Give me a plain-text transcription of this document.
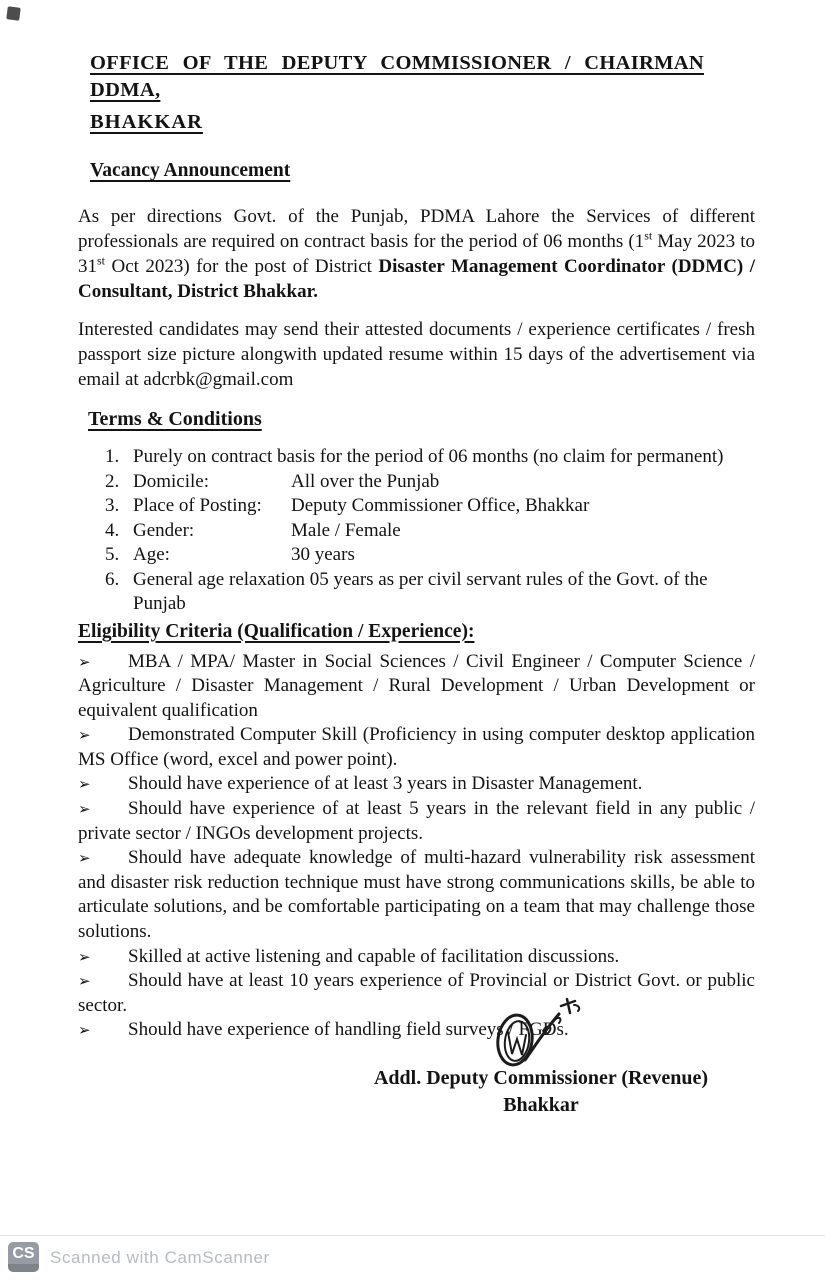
OFFICE OF THE DEPUTY COMMISSIONER / CHAIRMAN DDMA,
BHAKKAR
Vacancy Announcement

As per directions Govt. of the Punjab, PDMA Lahore the Services of different professionals are required on contract basis for the period of 06 months (1st May 2023 to 31st Oct 2023) for the post of District Disaster Management Coordinator (DDMC) / Consultant, District Bhakkar.

Interested candidates may send their attested documents / experience certificates / fresh passport size picture alongwith updated resume within 15 days of the advertisement via email at adcrbk@gmail.com

Terms & Conditions
1. Purely on contract basis for the period of 06 months (no claim for permanent)
2. Domicile:	All over the Punjab
3. Place of Posting:	Deputy Commissioner Office, Bhakkar
4. Gender:	Male / Female
5. Age:	30 years
6. General age relaxation 05 years as per civil servant rules of the Govt. of the Punjab
Eligibility Criteria (Qualification / Experience):

➢ MBA / MPA/ Master in Social Sciences / Civil Engineer / Computer Science / Agriculture / Disaster Management / Rural Development / Urban Development or equivalent qualification

➢ Demonstrated Computer Skill (Proficiency in using computer desktop application MS Office (word, excel and power point).

➢ Should have experience of at least 3 years in Disaster Management.

➢ Should have experience of at least 5 years in the relevant field in any public / private sector / INGOs development projects.

➢ Should have adequate knowledge of multi-hazard vulnerability risk assessment and disaster risk reduction technique must have strong communications skills, be able to articulate solutions, and be comfortable participating on a team that may challenge those solutions.

➢ Skilled at active listening and capable of facilitation discussions.

➢ Should have at least 10 years experience of Provincial or District Govt. or public sector.

➢ Should have experience of handling field surveys / FGDs.

Addl. Deputy Commissioner (Revenue)
Bhakkar
CS Scanned with CamScanner
